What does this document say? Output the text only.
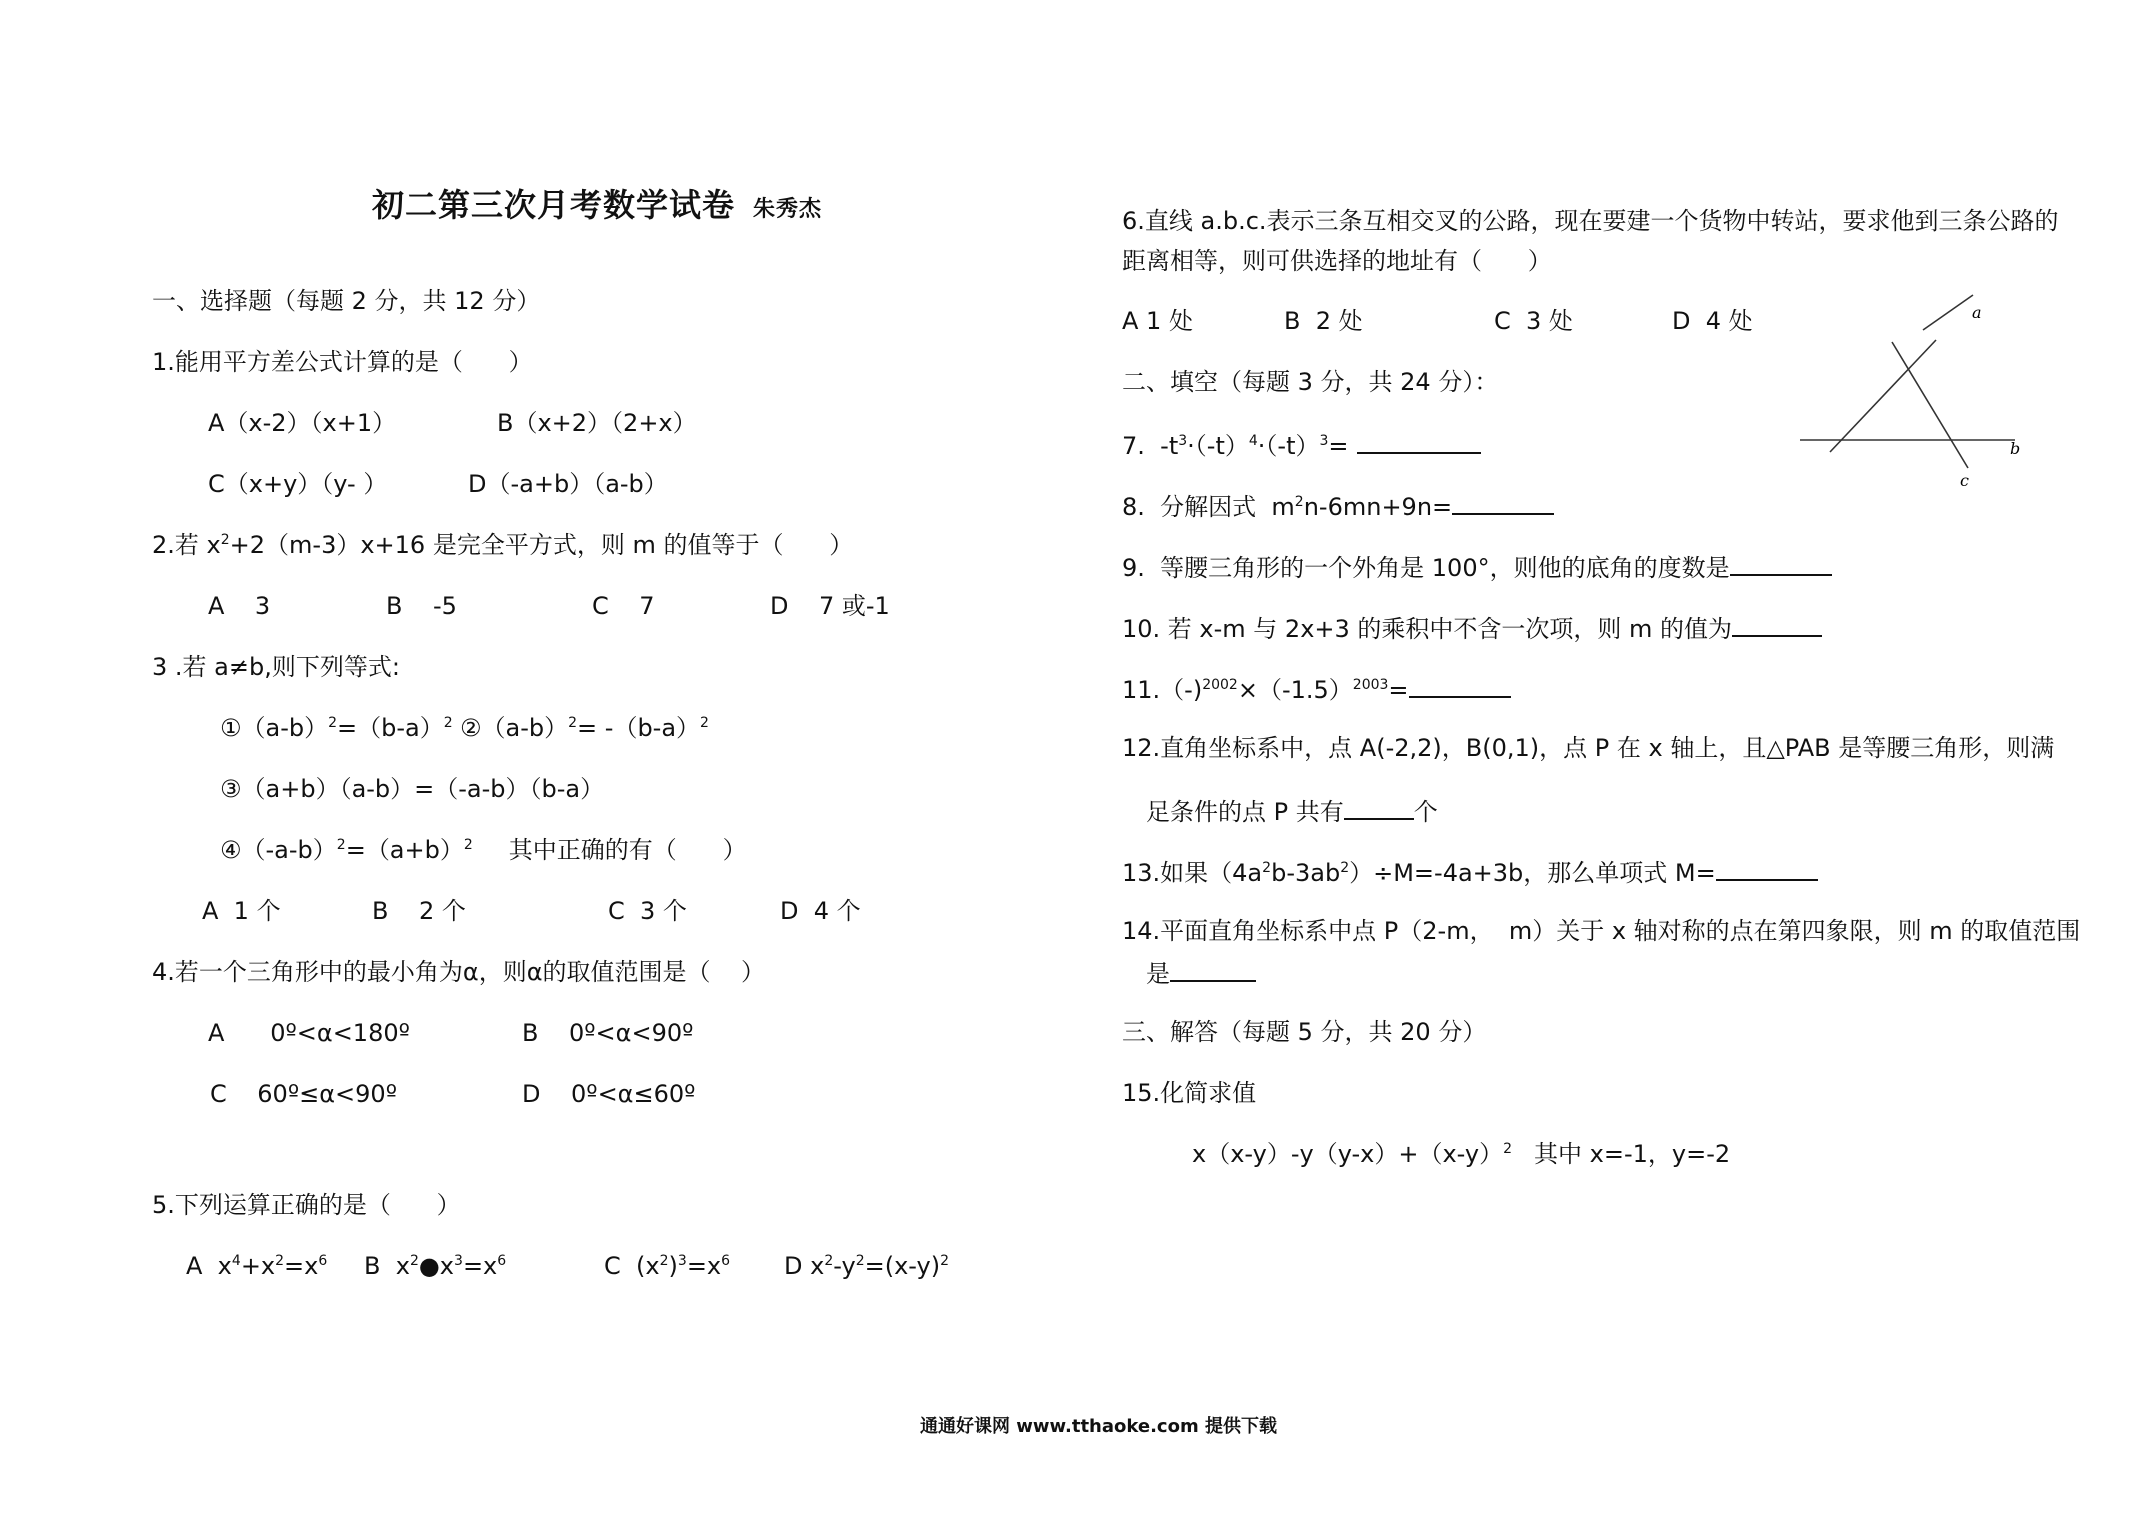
初二第三次月考数学试卷 朱秀杰
一、选择题（每题 2 分，共 12 分）
1.能用平方差公式计算的是（      ）
A（x-2）（x+1）	B（x+2）（2+x）
C（x+y）（y- ）	D（-a+b）（a-b）
2.若 $x^2+2(m-3)x+16$ 是完全平方式，则 m 的值等于（      ）
A    3	B    -5	C    7	D    7 或-1
3 .若 a≠b,则下列等式:
$①(a-b)^2=(b-a)^2$ $②(a-b)^2= -(b-a)^2$
③（a+b）（a-b）=（-a-b）（b-a）
$④(-a-b)^2=(a+b)^2$ 其中正确的有（      ）
A  1 个	B    2 个	C  3 个	D  4 个
4.若一个三角形中的最小角为α，则α的取值范围是（    ）
A      0º<α<180º	B    0º<α<90º
C    60º≤α<90º	D    0º<α≤60º
5.下列运算正确的是（      ）
A  $x^4+x^2=x^6$ B  $x^2●x^3=x^6$	C  $(x^2)^3=x^6$ D $x^2-y^2=(x-y)^2$
6.直线 a.b.c.表示三条互相交叉的公路，现在要建一个货物中转站，要求他到三条公路的
距离相等，则可供选择的地址有（      ）
A 1 处	B  2 处	C  3 处	D  4 处	a
b
c
二、填空（每题 3 分，共 24 分）：
7.  $-t^3\cdot(-t)^4\cdot(-t)^3=$
8.  分解因式  $m^2n-6mn+9n=$
9.  等腰三角形的一个外角是 100°，则他的底角的度数是
10. 若 x-m 与 2x+3 的乘积中不含一次项，则 m 的值为
$11.(-)^{2002}\times(-1.5)^{2003}=$
12.直角坐标系中，点 A(-2,2)，B(0,1)，点 P 在 x 轴上，且△PAB 是等腰三角形，则满
足条件的点 P 共有	个
13.如果$(4a^2b-3ab^2)\div M=-4a+3b$，那么单项式 M=
14.平面直角坐标系中点 P（2-m，  m）关于 x 轴对称的点在第四象限，则 m 的取值范围
是
三、解答（每题 5 分，共 20 分）
15.化简求值
$x(x-y)-y(y-x)+(x-y)^2$ 其中 x=-1，y=-2
通通好课网 www.tthaoke.com 提供下载
